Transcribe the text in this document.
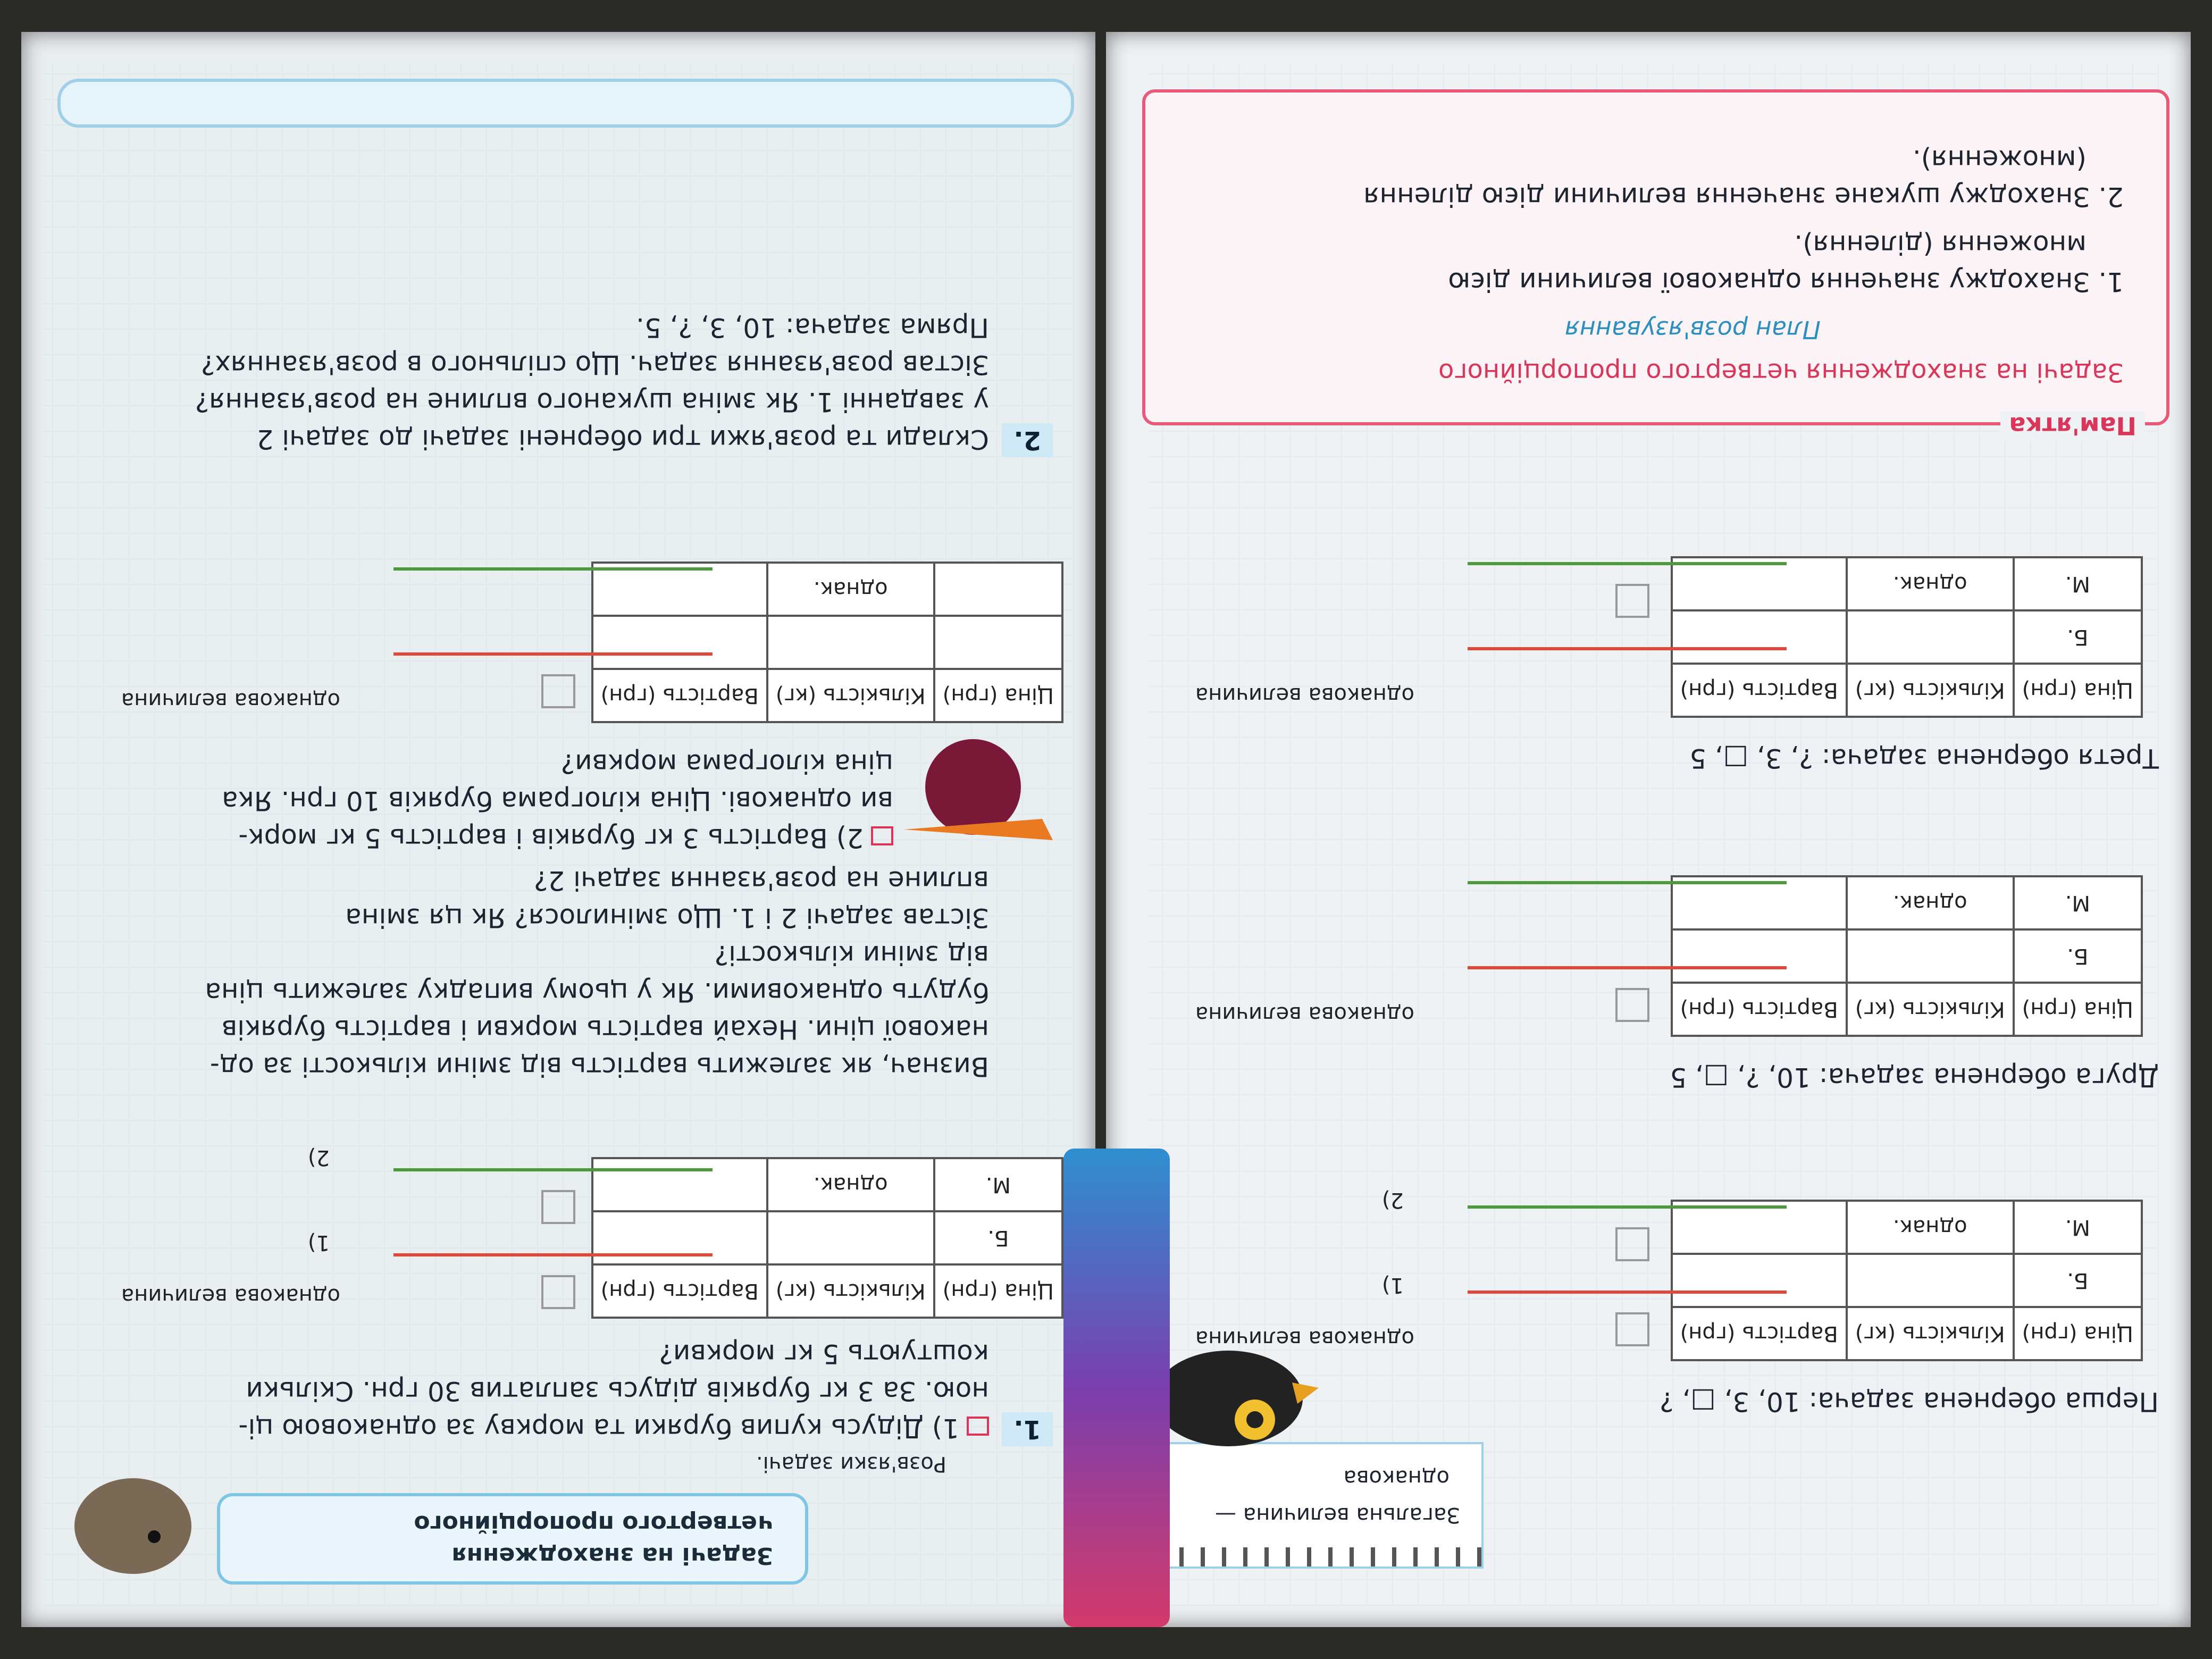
Загальна величина —
однакова
Перша обернена задача: 10, 3, □, ?
Ціна (грн)	Кількість (кг)	Вартість (грн)
Б.		
М.	однак.	
однакова величина
1)
2)
Друга обернена задача: 10, ?, □, 5
Ціна (грн)	Кількість (кг)	Вартість (грн)
Б.		
М.	однак.	
однакова величина
Третя обернена задача: ?, 3, □, 5
Ціна (грн)	Кількість (кг)	Вартість (грн)
Б.		
М.	однак.	
однакова величина
Пам'ятка
Задачі на знаходження четвертого пропорційного
План розв'язування
1. Знаходжу значення однакової величини дією
множення (ділення).
2. Знаходжу шукане значення величини дією ділення
(множення).
Задачі на знаходження
четвертого пропорційного
Розв'язки задачі.
1.
1) Дідусь купив буряки та моркву за однаковою ці-
ною. За 3 кг буряків дідусь заплатив 30 грн. Скільки
коштують 5 кг моркви?
Ціна (грн)	Кількість (кг)	Вартість (грн)
Б.		
М.	однак.	
однакова величина
1)
2)
Визнач, як залежить вартість від зміни кількості за од-
накової ціни. Нехай вартість моркви і вартість буряків
будуть однаковими. Як у цьому випадку залежить ціна
від зміни кількості?
Зістав задачі 2 і 1. Що змінилося? Як ця зміна
вплине на розв'язання задачі 2?
2) Вартість 3 кг буряків і вартість 5 кг морк-
ви однакові. Ціна кілограма буряків 10 грн. Яка
ціна кілограма моркви?
Ціна (грн)	Кількість (кг)	Вартість (грн)

	однак.	
однакова величина
2.
Склади та розв'яжи три обернені задачі до задачі 2
у завданні 1. Як зміна шуканого вплине на розв'язання?
Зістав розв'язання задач. Що спільного в розв'язаннях?
Пряма задача: 10, 3, ?, 5.
